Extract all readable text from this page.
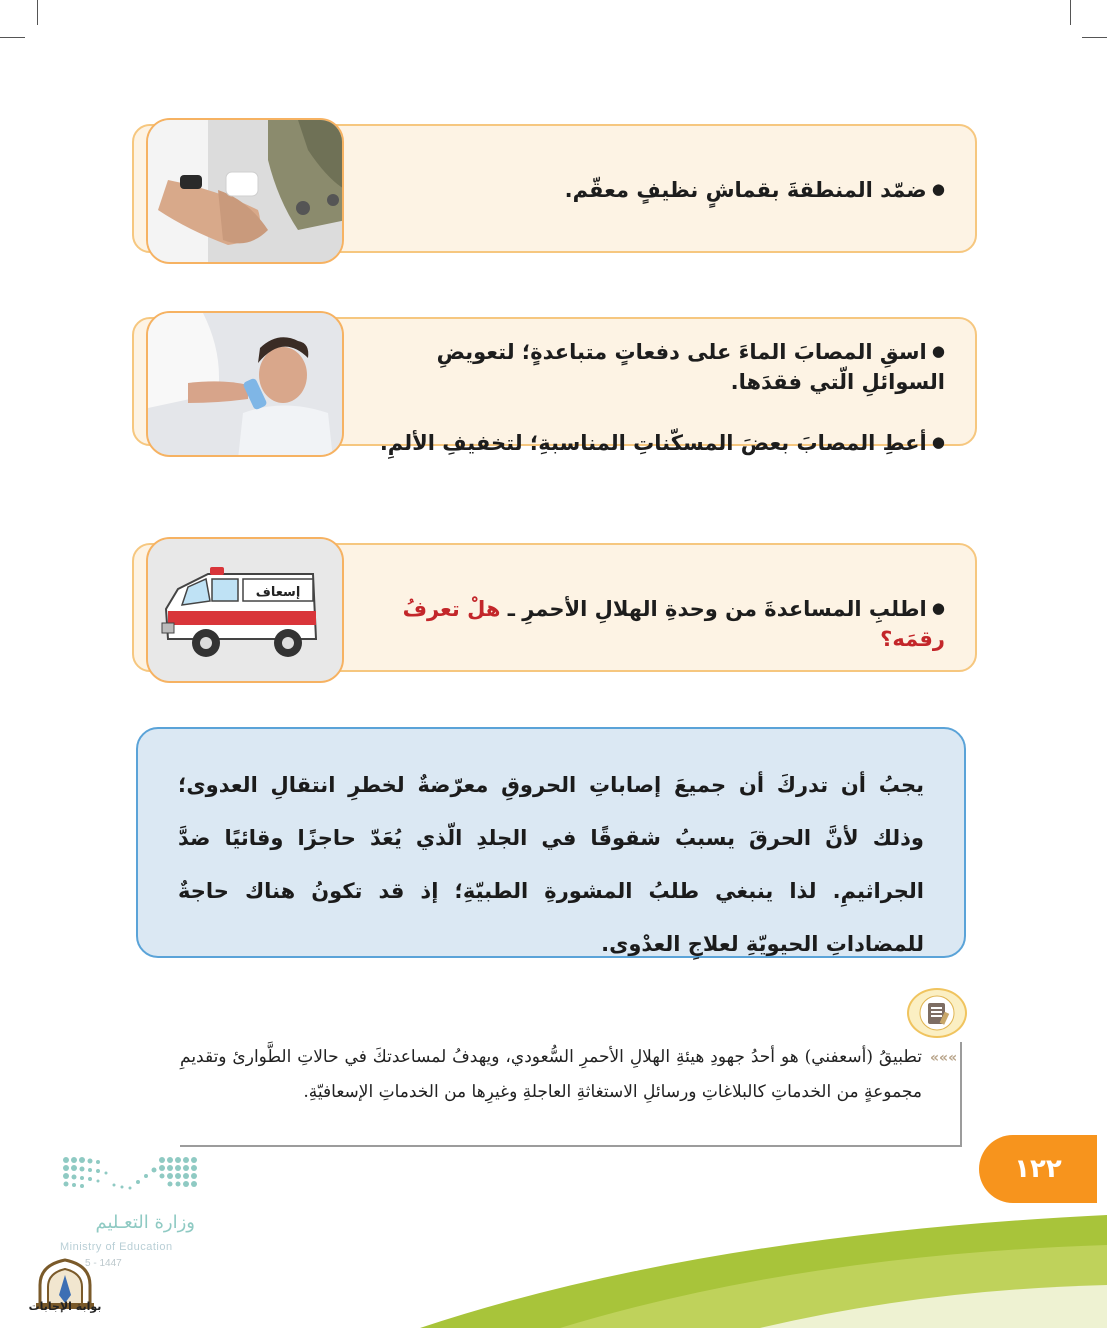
● ضمّد المنطقةَ بقماشٍ نظيفٍ معقّم.
● اسقِ المصابَ الماءَ على دفعاتٍ متباعدةٍ؛ لتعويضِ السوائلِ الّتي فقدَها.
● أعطِ المصابَ بعضَ المسكّناتِ المناسبةِ؛ لتخفيفِ الألمِ.
إسعاف
● اطلبِ المساعدةَ من وحدةِ الهلالِ الأحمرِ ـ هلْ تعرفُ رقمَه؟

يجبُ أن تدركَ أن جميعَ إصاباتِ الحروقِ معرّضةٌ لخطرِ انتقالِ العدوى؛ وذلك لأنَّ الحرقَ يسببُ شقوقًا في الجلدِ الّذي يُعَدّ حاجزًا وقائيًا ضدَّ الجراثيمِ. لذا ينبغي طلبُ المشورةِ الطبيّةِ؛ إذ قد تكونُ هناك حاجةٌ للمضاداتِ الحيويّةِ لعلاجِ العدْوى.

«««

تطبيقُ (أسعفني) هو أحدُ جهودِ هيئةِ الهلالِ الأحمرِ السُّعودي، ويهدفُ لمساعدتكَ في حالاتِ الطَّوارئ وتقديمِ مجموعةٍ من الخدماتِ كالبلاغاتِ ورسائلِ الاستغاثةِ العاجلةِ وغيرِها من الخدماتِ الإسعافيّةِ.

١٢٢
وزارة التعـليم
Ministry of Education
5 - 1447
بوابة الإجابات
